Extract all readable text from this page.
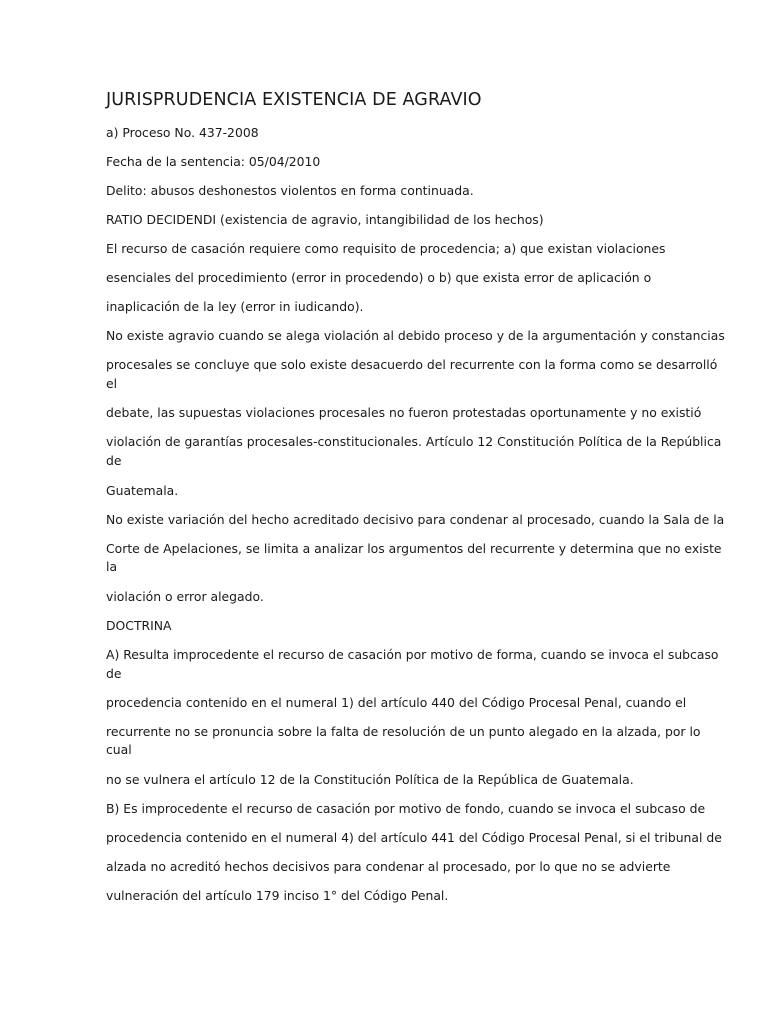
JURISPRUDENCIA EXISTENCIA DE AGRAVIO

a) Proceso No. 437-2008

Fecha de la sentencia: 05/04/2010

Delito: abusos deshonestos violentos en forma continuada.

RATIO DECIDENDI (existencia de agravio, intangibilidad de los hechos)

El recurso de casación requiere como requisito de procedencia; a) que existan violaciones

esenciales del procedimiento (error in procedendo) o b) que exista error de aplicación o

inaplicación de la ley (error in iudicando).

No existe agravio cuando se alega violación al debido proceso y de la argumentación y constancias

procesales se concluye que solo existe desacuerdo del recurrente con la forma como se desarrolló

el

debate, las supuestas violaciones procesales no fueron protestadas oportunamente y no existió

violación de garantías procesales-constitucionales. Artículo 12 Constitución Política de la República

de

Guatemala.

No existe variación del hecho acreditado decisivo para condenar al procesado, cuando la Sala de la

Corte de Apelaciones, se limita a analizar los argumentos del recurrente y determina que no existe

la

violación o error alegado.

DOCTRINA

A) Resulta improcedente el recurso de casación por motivo de forma, cuando se invoca el subcaso

de

procedencia contenido en el numeral 1) del artículo 440 del Código Procesal Penal, cuando el

recurrente no se pronuncia sobre la falta de resolución de un punto alegado en la alzada, por lo

cual

no se vulnera el artículo 12 de la Constitución Política de la República de Guatemala.

B) Es improcedente el recurso de casación por motivo de fondo, cuando se invoca el subcaso de

procedencia contenido en el numeral 4) del artículo 441 del Código Procesal Penal, si el tribunal de

alzada no acreditó hechos decisivos para condenar al procesado, por lo que no se advierte

vulneración del artículo 179 inciso 1° del Código Penal.
